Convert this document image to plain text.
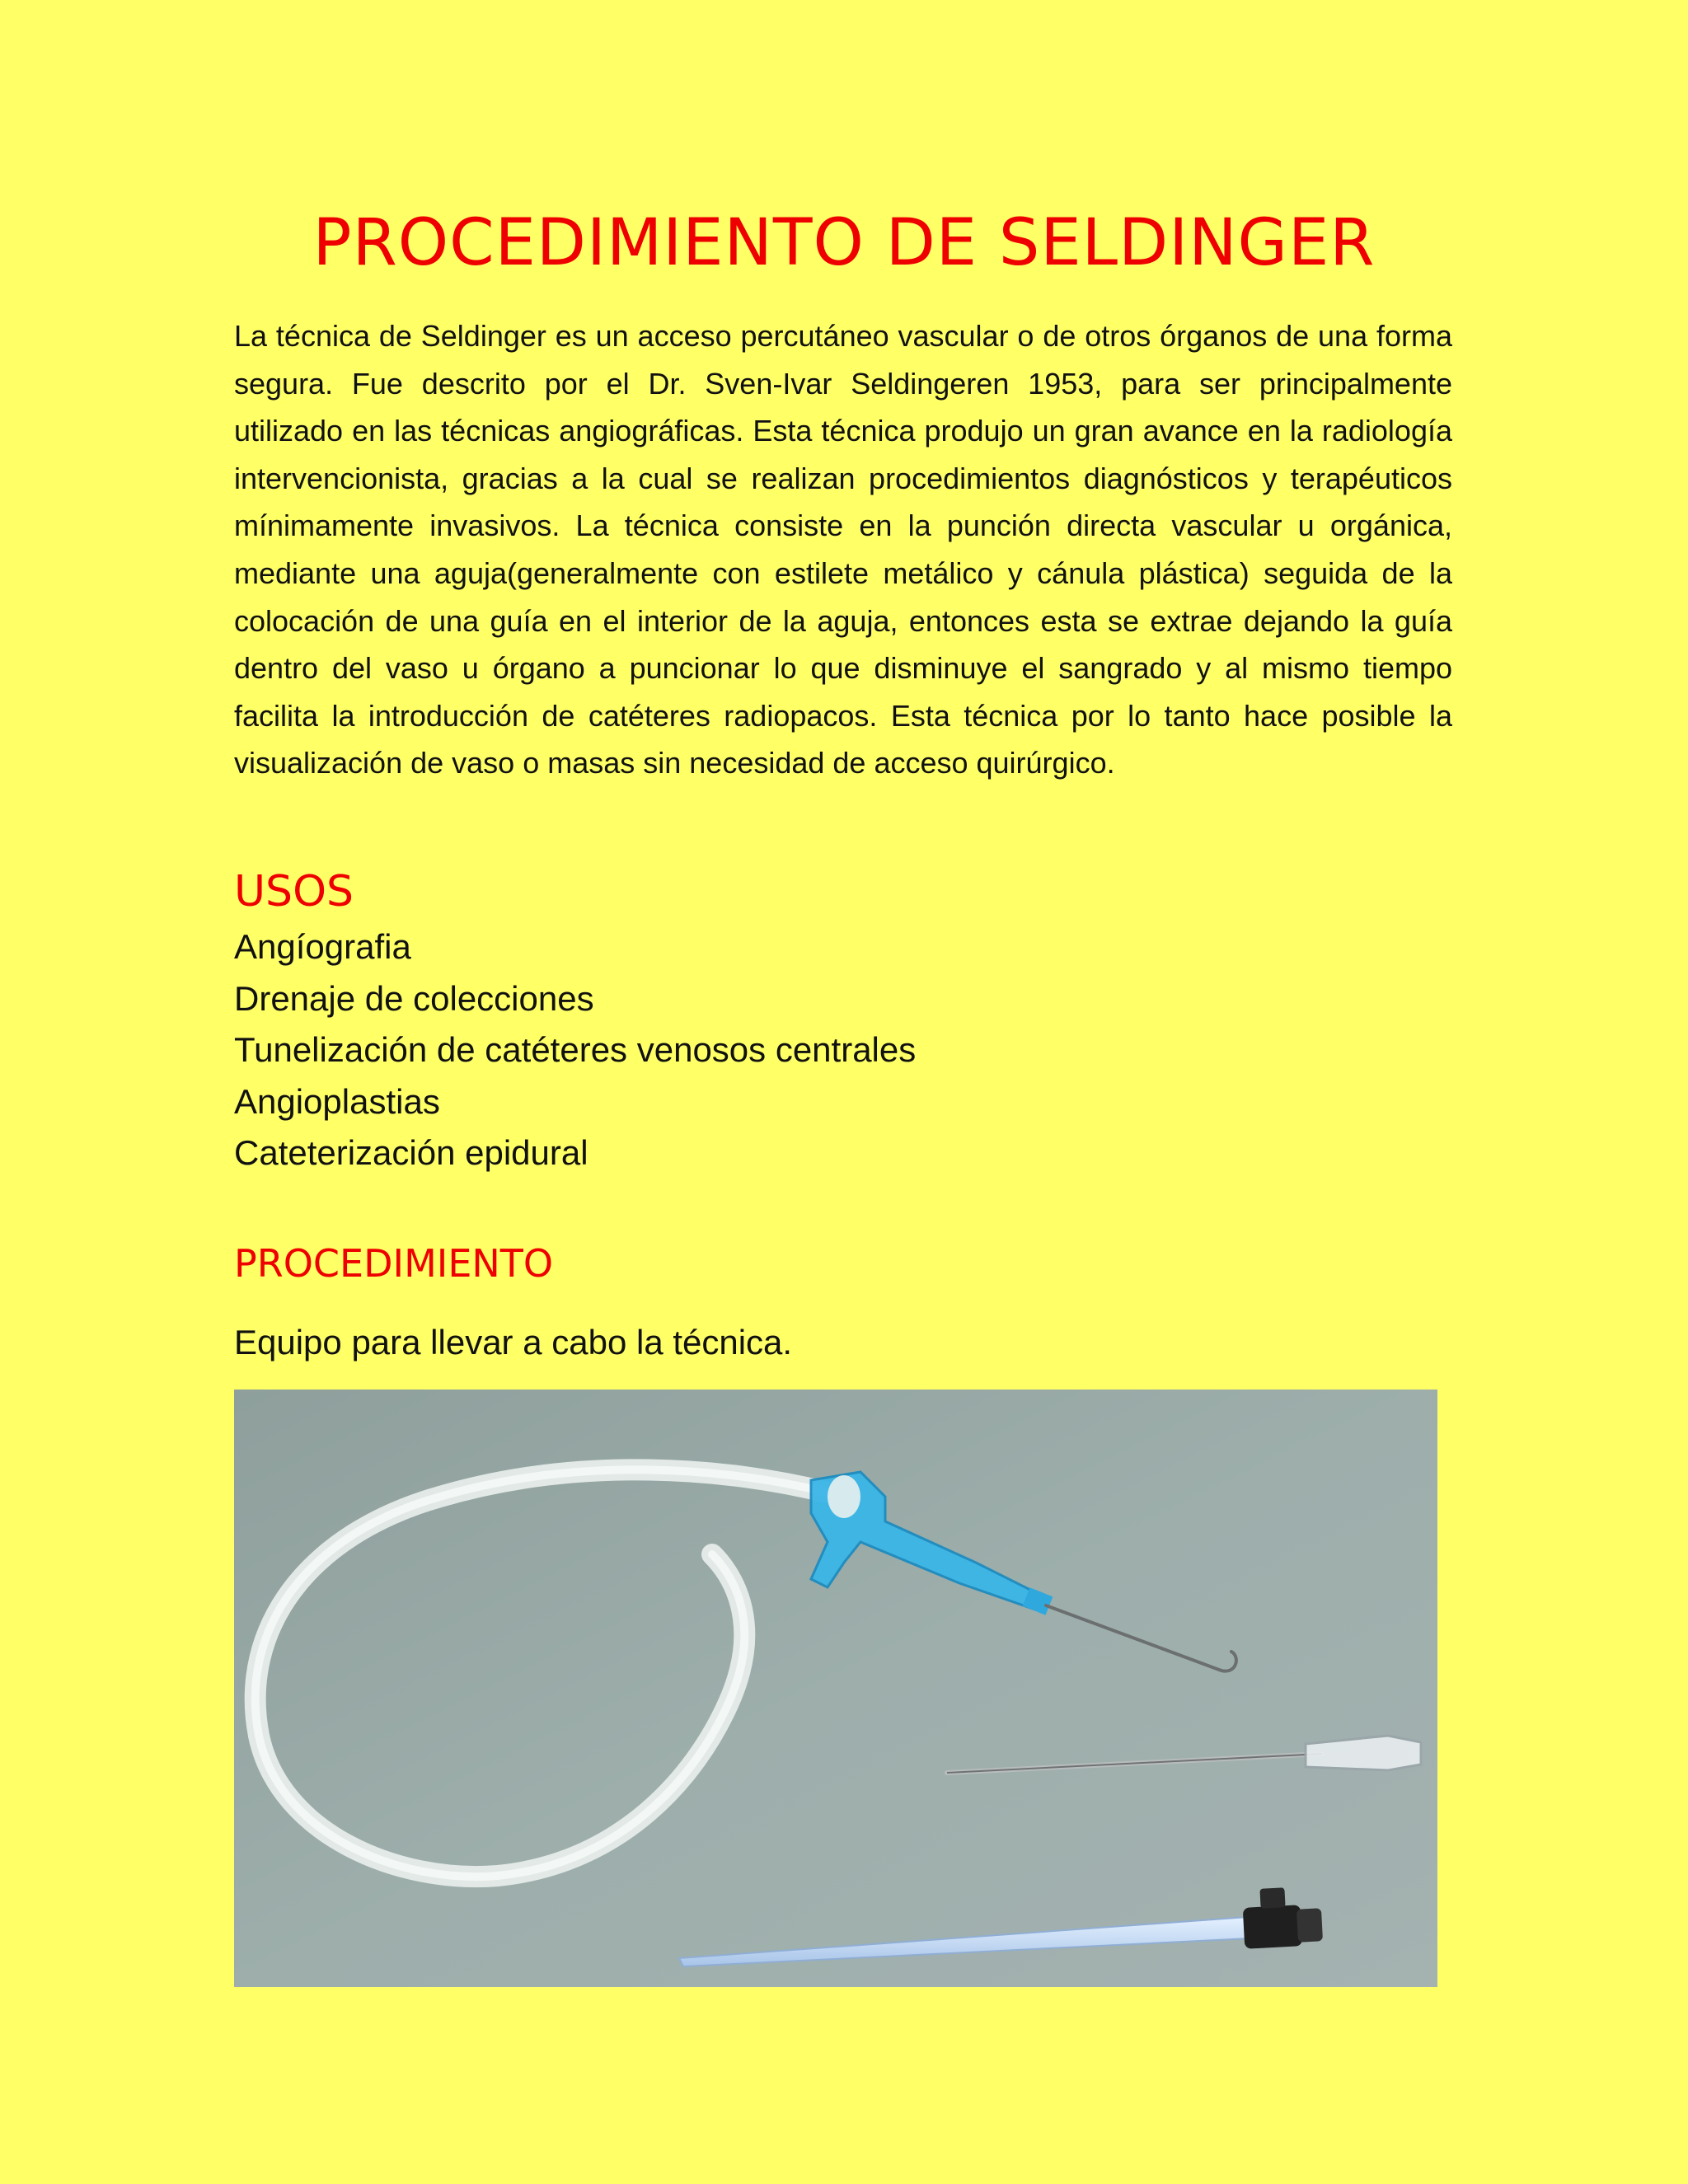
PROCEDIMIENTO DE SELDINGER

La técnica de Seldinger es un acceso percutáneo vascular o de otros órganos de una forma segura. Fue descrito por el Dr. Sven-Ivar Seldingeren 1953, para ser principalmente utilizado en las técnicas angiográficas. Esta técnica produjo un gran avance en la radiología intervencionista, gracias a la cual se realizan procedimientos diagnósticos y terapéuticos mínimamente invasivos. La técnica consiste en la punción directa vascular u orgánica, mediante una aguja(generalmente con estilete metálico y cánula plástica) seguida de la colocación de una guía en el interior de la aguja, entonces esta se extrae dejando la guía dentro del vaso u órgano a puncionar lo que disminuye el sangrado y al mismo tiempo facilita la introducción de catéteres radiopacos. Esta técnica por lo tanto hace posible la visualización de vaso o masas sin necesidad de acceso quirúrgico.

USOS
Angíografia
Drenaje de colecciones
Tunelización de catéteres venosos centrales
Angioplastias
Cateterización epidural
PROCEDIMIENTO

Equipo para llevar a cabo la técnica.
